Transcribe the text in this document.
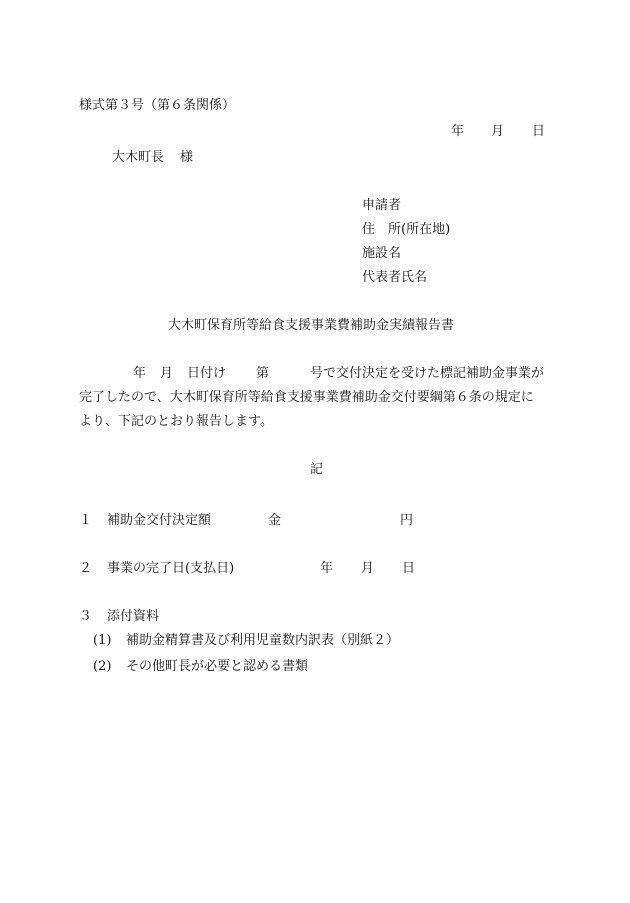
様式第３号（第６条関係）
年 月 日
大木町長 様
申請者
住　所(所在地)
施設名
代表者氏名
大木町保育所等給食支援事業費補助金実績報告書
年 月 日付け 第	号で交付決定を受けた標記補助金事業が
完了したので、大木町保育所等給食支援事業費補助金交付要綱第６条の規定に
より、下記のとおり報告します。
記
１ 補助金交付決定額	金	円
２ 事業の完了日(支払日)	年 月 日
３ 添付資料
(1) 補助金精算書及び利用児童数内訳表（別紙２）
(2) その他町長が必要と認める書類
